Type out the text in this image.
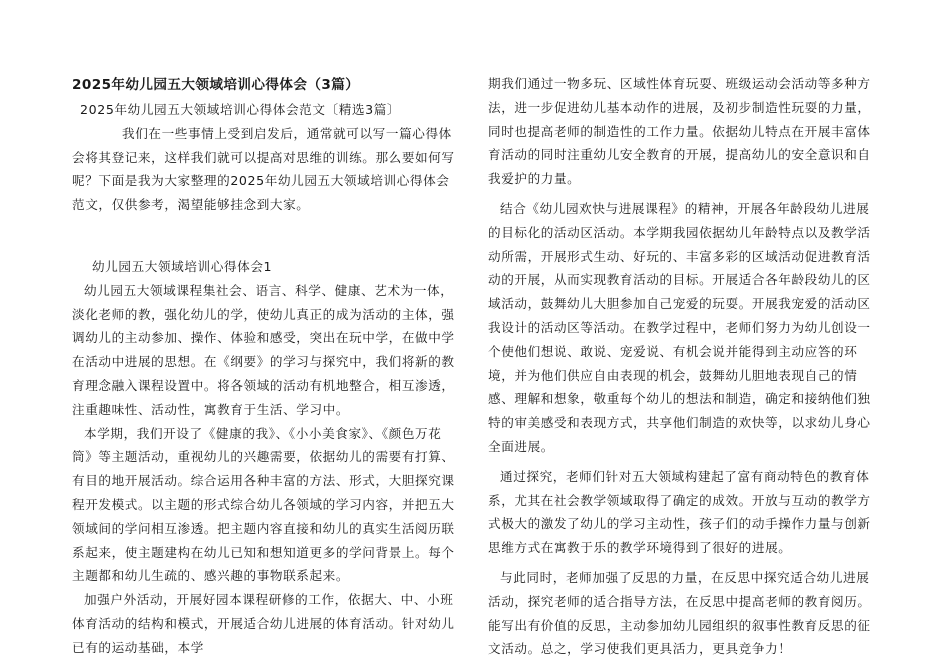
2025年幼儿园五大领域培训心得体会（3篇）

2025年幼儿园五大领域培训心得体会范文〔精选3篇〕

我们在一些事情上受到启发后，通常就可以写一篇心得体会将其登记来，这样我们就可以提高对思维的训练。那么要如何写呢？下面是我为大家整理的2025年幼儿园五大领域培训心得体会范文，仅供参考，渴望能够挂念到大家。

幼儿园五大领域培训心得体会1

幼儿园五大领域课程集社会、语言、科学、健康、艺术为一体，淡化老师的教，强化幼儿的学，使幼儿真正的成为活动的主体，强调幼儿的主动参加、操作、体验和感受，突出在玩中学，在做中学在活动中进展的思想。在《纲要》的学习与探究中，我们将新的教育理念融入课程设置中。将各领域的活动有机地整合，相互渗透，注重趣味性、活动性，寓教育于生活、学习中。

本学期，我们开设了《健康的我》、《小小美食家》、《颜色万花筒》等主题活动，重视幼儿的兴趣需要，依据幼儿的需要有打算、有目的地开展活动。综合运用各种丰富的方法、形式，大胆探究课程开发模式。以主题的形式综合幼儿各领域的学习内容，并把五大领域间的学问相互渗透。把主题内容直接和幼儿的真实生活阅历联系起来，使主题建构在幼儿已知和想知道更多的学问背景上。每个主题都和幼儿生疏的、感兴趣的事物联系起来。

加强户外活动，开展好园本课程研修的工作，依据大、中、小班体育活动的结构和模式，开展适合幼儿进展的体育活动。针对幼儿已有的运动基础，本学

期我们通过一物多玩、区域性体育玩耍、班级运动会活动等多种方法，进一步促进幼儿基本动作的进展，及初步制造性玩耍的力量，同时也提高老师的制造性的工作力量。依据幼儿特点在开展丰富体育活动的同时注重幼儿安全教育的开展，提高幼儿的安全意识和自我爱护的力量。

结合《幼儿园欢快与进展课程》的精神，开展各年龄段幼儿进展的目标化的活动区活动。本学期我园依据幼儿年龄特点以及教学活动所需，开展形式生动、好玩的、丰富多彩的区域活动促进教育活动的开展，从而实现教育活动的目标。开展适合各年龄段幼儿的区域活动，鼓舞幼儿大胆参加自己宠爱的玩耍。开展我宠爱的活动区我设计的活动区等活动。在教学过程中，老师们努力为幼儿创设一个使他们想说、敢说、宠爱说、有机会说并能得到主动应答的环境，并为他们供应自由表现的机会，鼓舞幼儿胆地表现自己的情感、理解和想象，敬重每个幼儿的想法和制造，确定和接纳他们独特的审美感受和表现方式，共享他们制造的欢快等，以求幼儿身心全面进展。

通过探究，老师们针对五大领域构建起了富有商动特色的教育体系，尤其在社会教学领域取得了确定的成效。开放与互动的教学方式极大的激发了幼儿的学习主动性，孩子们的动手操作力量与创新思维方式在寓教于乐的教学环境得到了很好的进展。

与此同时，老师加强了反思的力量，在反思中探究适合幼儿进展活动，探究老师的适合指导方法，在反思中提高老师的教育阅历。能写出有价值的反思，主动参加幼儿园组织的叙事性教育反思的征文活动。总之，学习使我们更具活力，更具竞争力！
